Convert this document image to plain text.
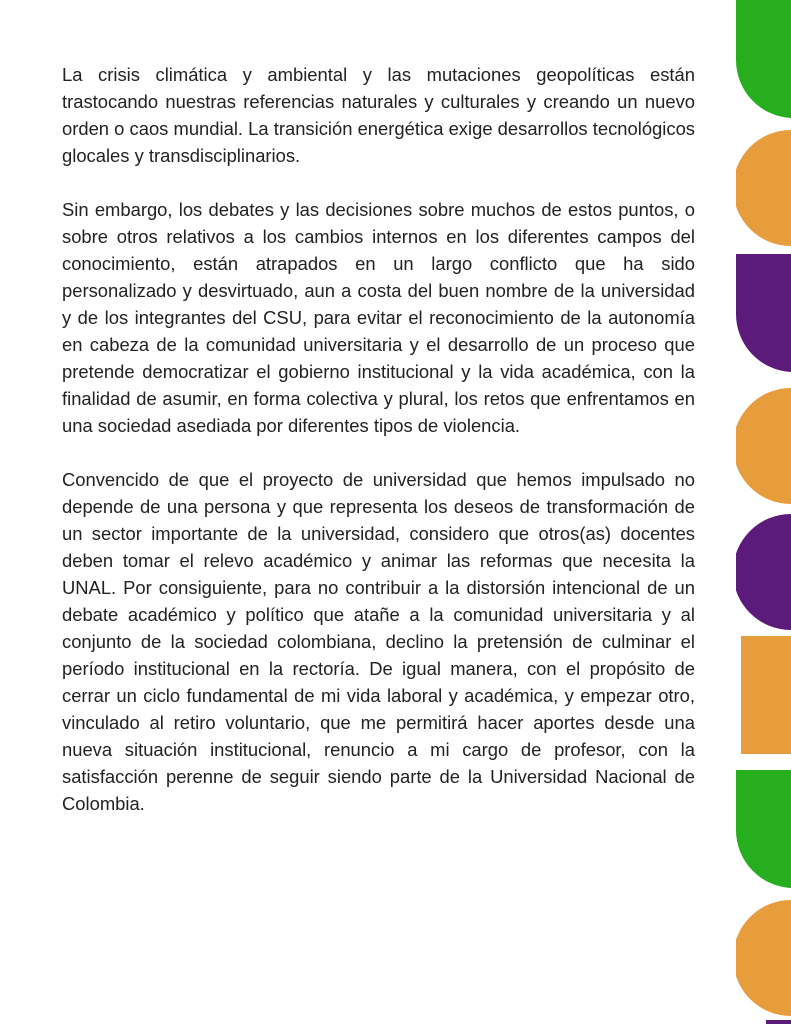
La crisis climática y ambiental y las mutaciones geopolíticas están trastocando nuestras referencias naturales y culturales y creando un nuevo orden o caos mundial. La transición energética exige desarrollos tecnológicos glocales y transdisciplinarios.

Sin embargo, los debates y las decisiones sobre muchos de estos puntos, o sobre otros relativos a los cambios internos en los diferentes campos del conocimiento, están atrapados en un largo conflicto que ha sido personalizado y desvirtuado, aun a costa del buen nombre de la universidad y de los integrantes del CSU, para evitar el reconocimiento de la autonomía en cabeza de la comunidad universitaria y el desarrollo de un proceso que pretende democratizar el gobierno institucional y la vida académica, con la finalidad de asumir, en forma colectiva y plural, los retos que enfrentamos en una sociedad asediada por diferentes tipos de violencia.

Convencido de que el proyecto de universidad que hemos impulsado no depende de una persona y que representa los deseos de transformación de un sector importante de la universidad, considero que otros(as) docentes deben tomar el relevo académico y animar las reformas que necesita la UNAL. Por consiguiente, para no contribuir a la distorsión intencional de un debate académico y político que atañe a la comunidad universitaria y al conjunto de la sociedad colombiana, declino la pretensión de culminar el período institucional en la rectoría. De igual manera, con el propósito de cerrar un ciclo fundamental de mi vida laboral y académica, y empezar otro, vinculado al retiro voluntario, que me permitirá hacer aportes desde una nueva situación institucional, renuncio a mi cargo de profesor, con la satisfacción perenne de seguir siendo parte de la Universidad Nacional de Colombia.
